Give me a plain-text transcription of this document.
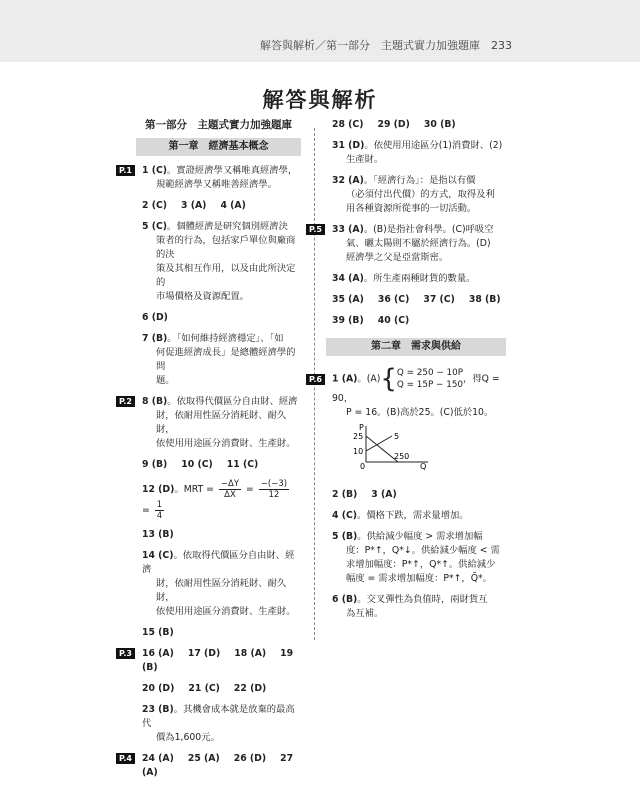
解答與解析／第一部分　主題式實力加強題庫　233
解答與解析
第一部分　主題式實力加強題庫
第一章　經濟基本概念
P.1	1 (C)。實證經濟學又稱唯真經濟學，
規範經濟學又稱唯善經濟學。
2 (C) 3 (A) 4 (A)
5 (C)。個體經濟是研究個別經濟決
策者的行為，包括家戶單位與廠商的決
策及其相互作用，以及由此所決定的
市場價格及資源配置。
6 (D)
7 (B)。「如何維持經濟穩定」、「如
何促進經濟成長」是總體經濟學的問
題。
P.2	8 (B)。依取得代價區分自由財、經濟
財，依耐用性區分消耗財、耐久財，
依使用用途區分消費財、生產財。
9 (B) 10 (C) 11 (C)
12 (D)。MRT = $\frac{-\Delta Y}{\Delta X} = \frac{-(-3)}{12}$
= $\frac{1}{4}$
13 (B)
14 (C)。依取得代價區分自由財、經濟
財，依耐用性區分消耗財、耐久財，
依使用用途區分消費財、生產財。
15 (B)
P.3	16 (A) 17 (D) 18 (A) 19 (B)
20 (D) 21 (C) 22 (D)
23 (B)。其機會成本就是放棄的最高代
價為1,600元。
P.4	24 (A) 25 (A) 26 (D) 27 (A)
28 (C) 29 (D) 30 (B)
31 (D)。依使用用途區分(1)消費財、(2)
生產財。
32 (A)。「經濟行為」：是指以有價
（必須付出代價）的方式，取得及利
用各種資源所從事的一切活動。
P.5	33 (A)。(B)是指社會科學。(C)呼吸空
氣、曬太陽則不屬於經濟行為。(D)
經濟學之父是亞當斯密。
34 (A)。所生產兩種財貨的數量。
35 (A) 36 (C) 37 (C) 38 (B)
39 (B) 40 (C)
第二章　需求與供給
P.6	1 (A)。(A){ Q = 250 − 10P
Q = 15P − 150
，得Q = 90，
P = 16。(B)高於25。(C)低於10。
P
25
10
0
5
250
Q
2 (B) 3 (A)
4 (C)。價格下跌，需求量增加。
5 (B)。供給減少幅度 > 需求增加幅
度：P*↑，Q*↓。供給減少幅度 < 需
求增加幅度：P*↑，Q*↑。供給減少
幅度 = 需求增加幅度：P*↑，Q̄*。
6 (B)。交叉彈性為負值時，兩財貨互
為互補。
